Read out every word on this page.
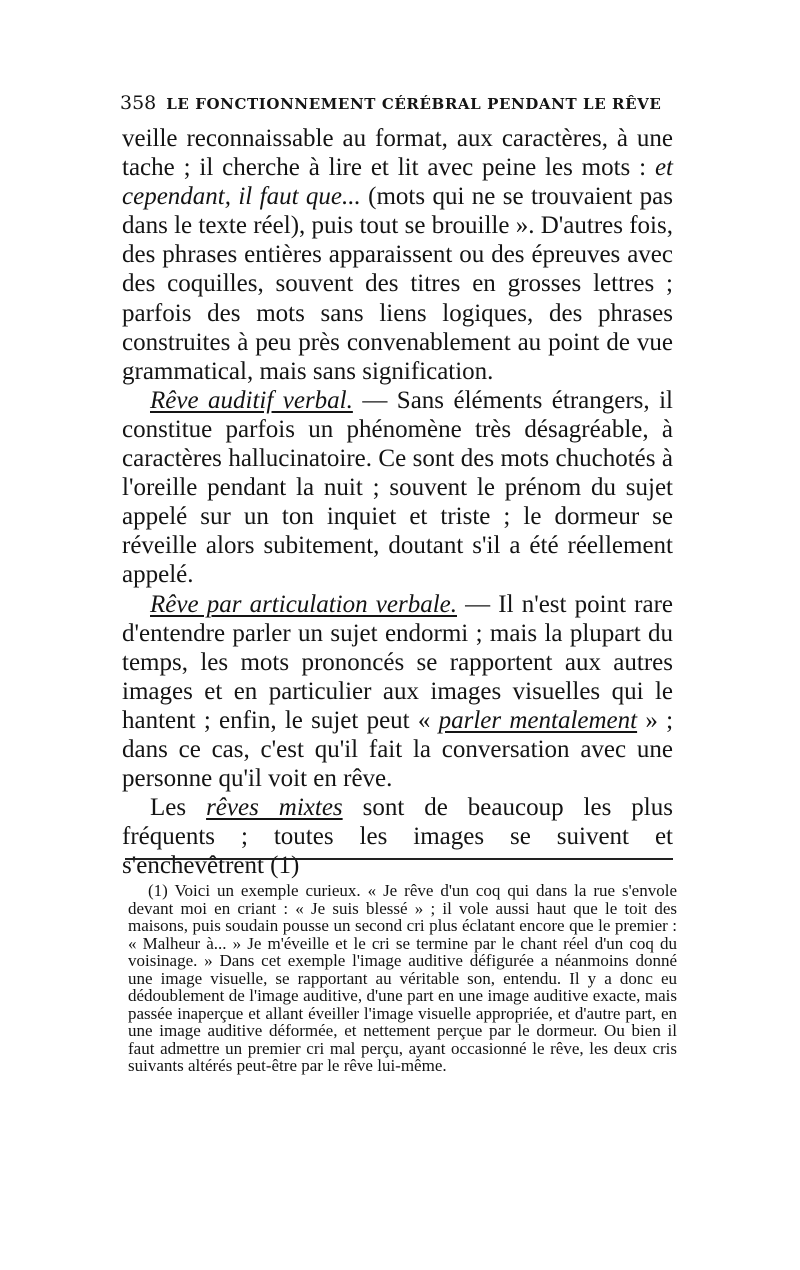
358 LE FONCTIONNEMENT CÉRÉBRAL PENDANT LE RÊVE

veille reconnaissable au format, aux caractères, à une tache ; il cherche à lire et lit avec peine les mots : et cependant, il faut que... (mots qui ne se trouvaient pas dans le texte réel), puis tout se brouille ». D'autres fois, des phrases entières apparaissent ou des épreuves avec des coquilles, souvent des titres en grosses lettres ; parfois des mots sans liens logiques, des phrases construites à peu près convenablement au point de vue grammatical, mais sans signification.

Rêve auditif verbal. — Sans éléments étrangers, il constitue parfois un phénomène très désagréable, à caractères hallucinatoire. Ce sont des mots chuchotés à l'oreille pendant la nuit ; souvent le prénom du sujet appelé sur un ton inquiet et triste ; le dormeur se réveille alors subitement, doutant s'il a été réellement appelé.

Rêve par articulation verbale. — Il n'est point rare d'entendre parler un sujet endormi ; mais la plupart du temps, les mots prononcés se rapportent aux autres images et en particulier aux images visuelles qui le hantent ; enfin, le sujet peut « parler mentalement » ; dans ce cas, c'est qu'il fait la conversation avec une personne qu'il voit en rêve.

Les rêves mixtes sont de beaucoup les plus fréquents ; toutes les images se suivent et s'enchevêtrent (1)

(1) Voici un exemple curieux. « Je rêve d'un coq qui dans la rue s'envole devant moi en criant : « Je suis blessé » ; il vole aussi haut que le toit des maisons, puis soudain pousse un second cri plus éclatant encore que le premier : « Malheur à... » Je m'éveille et le cri se termine par le chant réel d'un coq du voisinage. » Dans cet exemple l'image auditive défigurée a néanmoins donné une image visuelle, se rapportant au véritable son, entendu. Il y a donc eu dédoublement de l'image auditive, d'une part en une image auditive exacte, mais passée inaperçue et allant éveiller l'image visuelle appropriée, et d'autre part, en une image auditive déformée, et nettement perçue par le dormeur. Ou bien il faut admettre un premier cri mal perçu, ayant occasionné le rêve, les deux cris suivants altérés peut-être par le rêve lui-même.
